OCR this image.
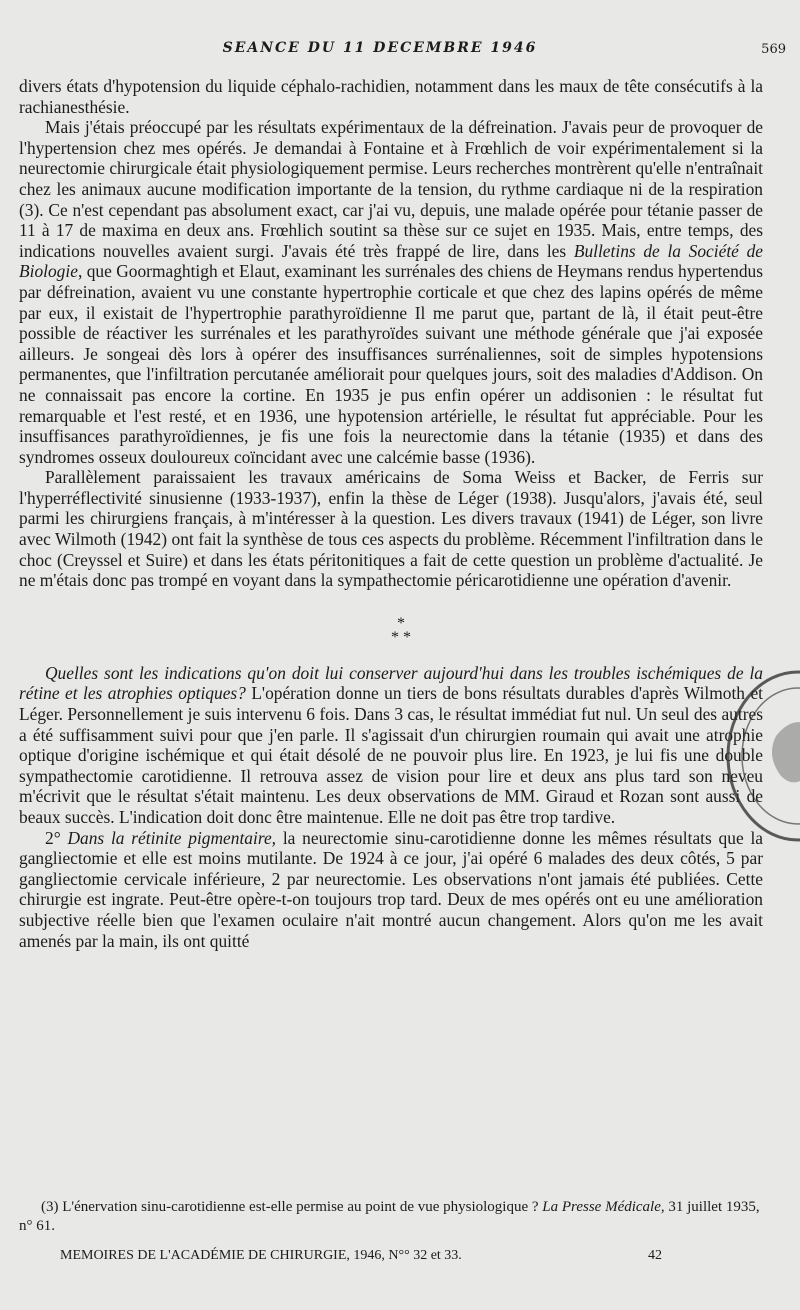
SEANCE DU 11 DECEMBRE 1946	569

divers états d'hypotension du liquide céphalo-rachidien, notamment dans les maux de tête consécutifs à la rachianesthésie.

Mais j'étais préoccupé par les résultats expérimentaux de la défreination. J'avais peur de provoquer de l'hypertension chez mes opérés. Je demandai à Fontaine et à Frœhlich de voir expérimentalement si la neurectomie chirurgicale était physiologiquement permise. Leurs recherches montrèrent qu'elle n'entraînait chez les animaux aucune modification importante de la tension, du rythme cardiaque ni de la respiration (3). Ce n'est cependant pas absolument exact, car j'ai vu, depuis, une malade opérée pour tétanie passer de 11 à 17 de maxima en deux ans. Frœhlich soutint sa thèse sur ce sujet en 1935. Mais, entre temps, des indications nouvelles avaient surgi. J'avais été très frappé de lire, dans les Bulletins de la Société de Biologie, que Goormaghtigh et Elaut, examinant les surrénales des chiens de Heymans rendus hypertendus par défreination, avaient vu une constante hypertrophie corticale et que chez des lapins opérés de même par eux, il existait de l'hypertrophie parathyroïdienne Il me parut que, partant de là, il était peut-être possible de réactiver les surrénales et les parathyroïdes suivant une méthode générale que j'ai exposée ailleurs. Je songeai dès lors à opérer des insuffisances surrénaliennes, soit de simples hypotensions permanentes, que l'infiltration percutanée améliorait pour quelques jours, soit des maladies d'Addison. On ne connaissait pas encore la cortine. En 1935 je pus enfin opérer un addisonien : le résultat fut remarquable et l'est resté, et en 1936, une hypotension artérielle, le résultat fut appréciable. Pour les insuffisances parathyroïdiennes, je fis une fois la neurectomie dans la tétanie (1935) et dans des syndromes osseux douloureux coïncidant avec une calcémie basse (1936).

Parallèlement paraissaient les travaux américains de Soma Weiss et Backer, de Ferris sur l'hyperréflectivité sinusienne (1933-1937), enfin la thèse de Léger (1938). Jusqu'alors, j'avais été, seul parmi les chirurgiens français, à m'intéresser à la question. Les divers travaux (1941) de Léger, son livre avec Wilmoth (1942) ont fait la synthèse de tous ces aspects du problème. Récemment l'infiltration dans le choc (Creyssel et Suire) et dans les états péritonitiques a fait de cette question un problème d'actualité. Je ne m'étais donc pas trompé en voyant dans la sympathectomie péricarotidienne une opération d'avenir.

*
* *

Quelles sont les indications qu'on doit lui conserver aujourd'hui dans les troubles ischémiques de la rétine et les atrophies optiques? L'opération donne un tiers de bons résultats durables d'après Wilmoth et Léger. Personnellement je suis intervenu 6 fois. Dans 3 cas, le résultat immédiat fut nul. Un seul des autres a été suffisamment suivi pour que j'en parle. Il s'agissait d'un chirurgien roumain qui avait une atrophie optique d'origine ischémique et qui était désolé de ne pouvoir plus lire. En 1923, je lui fis une double sympathectomie carotidienne. Il retrouva assez de vision pour lire et deux ans plus tard son neveu m'écrivit que le résultat s'était maintenu. Les deux observations de MM. Giraud et Rozan sont aussi de beaux succès. L'indication doit donc être maintenue. Elle ne doit pas être trop tardive.

2° Dans la rétinite pigmentaire, la neurectomie sinu-carotidienne donne les mêmes résultats que la gangliectomie et elle est moins mutilante. De 1924 à ce jour, j'ai opéré 6 malades des deux côtés, 5 par gangliectomie cervicale inférieure, 2 par neurectomie. Les observations n'ont jamais été publiées. Cette chirurgie est ingrate. Peut-être opère-t-on toujours trop tard. Deux de mes opérés ont eu une amélioration subjective réelle bien que l'examen oculaire n'ait montré aucun changement. Alors qu'on me les avait amenés par la main, ils ont quitté

(3) L'énervation sinu-carotidienne est-elle permise au point de vue physiologique ? La Presse Médicale, 31 juillet 1935, n° 61.
MEMOIRES DE L'ACADÉMIE DE CHIRURGIE, 1946, N°° 32 et 33.	42
